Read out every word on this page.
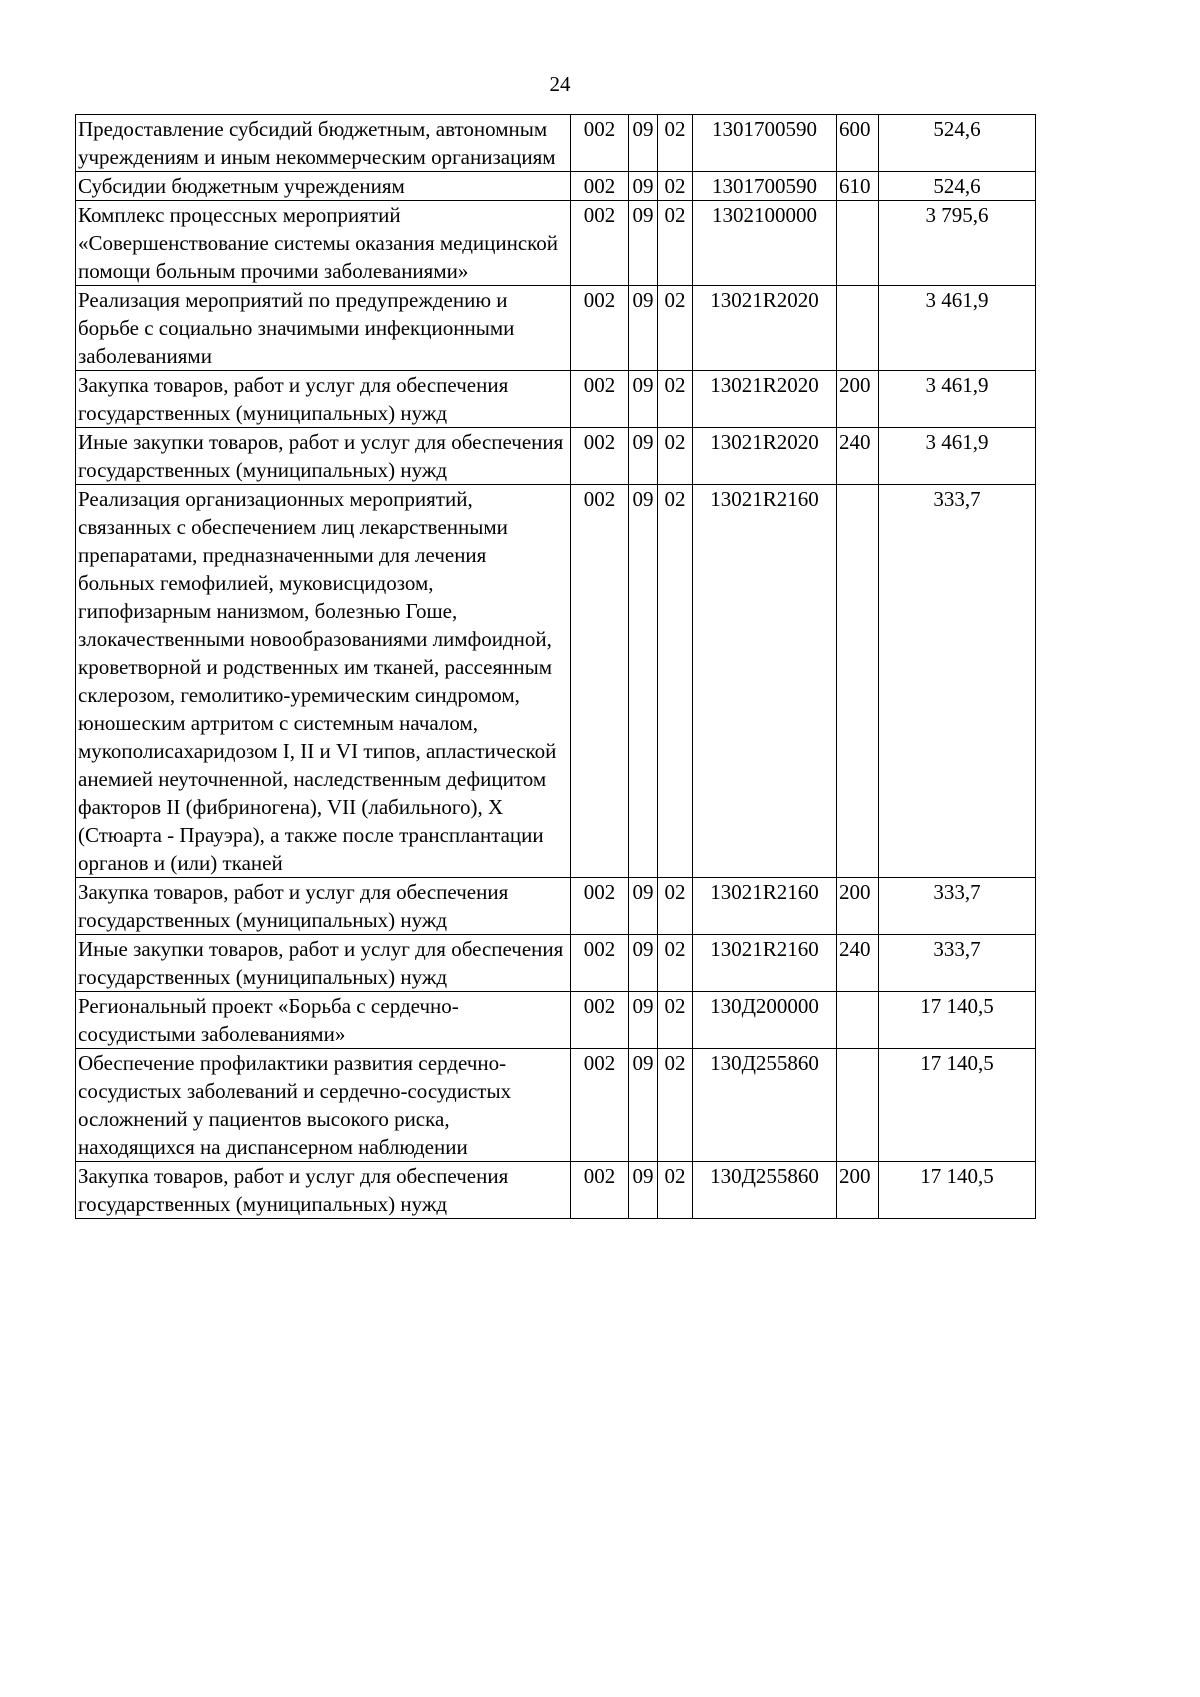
24
Предоставление субсидий бюджетным, автономным учреждениям и иным некоммерческим организациям	002	09	02	1301700590	600	524,6
Субсидии бюджетным учреждениям	002	09	02	1301700590	610	524,6
Комплекс процессных мероприятий «Совершенствование системы оказания медицинской помощи больным прочими заболеваниями»	002	09	02	1302100000		3 795,6
Реализация мероприятий по предупреждению и борьбе с социально значимыми инфекционными заболеваниями	002	09	02	13021R2020		3 461,9
Закупка товаров, работ и услуг для обеспечения государственных (муниципальных) нужд	002	09	02	13021R2020	200	3 461,9
Иные закупки товаров, работ и услуг для обеспечения государственных (муниципальных) нужд	002	09	02	13021R2020	240	3 461,9
Реализация организационных мероприятий, связанных с обеспечением лиц лекарственными препаратами, предназначенными для лечения больных гемофилией, муковисцидозом, гипофизарным нанизмом, болезнью Гоше, злокачественными новообразованиями лимфоидной, кроветворной и родственных им тканей, рассеянным склерозом, гемолитико-уремическим синдромом, юношеским артритом с системным началом, мукополисахаридозом I, II и VI типов, апластической анемией неуточненной, наследственным дефицитом факторов II (фибриногена), VII (лабильного), X (Стюарта - Прауэра), а также после трансплантации органов и (или) тканей	002	09	02	13021R2160		333,7
Закупка товаров, работ и услуг для обеспечения государственных (муниципальных) нужд	002	09	02	13021R2160	200	333,7
Иные закупки товаров, работ и услуг для обеспечения государственных (муниципальных) нужд	002	09	02	13021R2160	240	333,7
Региональный проект «Борьба с сердечно-сосудистыми заболеваниями»	002	09	02	130Д200000		17 140,5
Обеспечение профилактики развития сердечно-сосудистых заболеваний и сердечно-сосудистых осложнений у пациентов высокого риска, находящихся на диспансерном наблюдении	002	09	02	130Д255860		17 140,5
Закупка товаров, работ и услуг для обеспечения государственных (муниципальных) нужд	002	09	02	130Д255860	200	17 140,5
